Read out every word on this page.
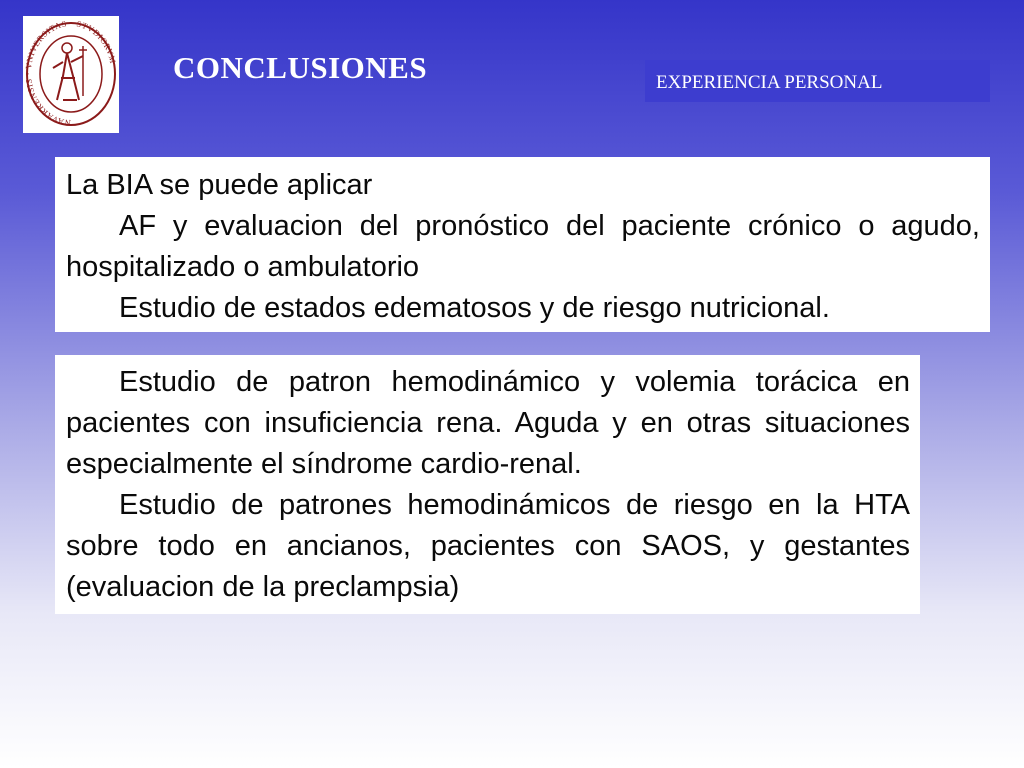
NAVARRENSIS · VNIVERSITAS · STVDIORVM CONCLUSIONES	EXPERIENCIA PERSONAL

La BIA se puede aplicar

AF y evaluacion del pronóstico del paciente crónico o agudo, hospitalizado o ambulatorio

Estudio de estados edematosos y de riesgo nutricional.

Estudio de patron hemodinámico y volemia torácica en pacientes con insuficiencia rena. Aguda y en otras situaciones especialmente el síndrome cardio-renal.

Estudio de patrones hemodinámicos de riesgo en la HTA sobre todo en ancianos, pacientes con SAOS, y gestantes (evaluacion de la preclampsia)
